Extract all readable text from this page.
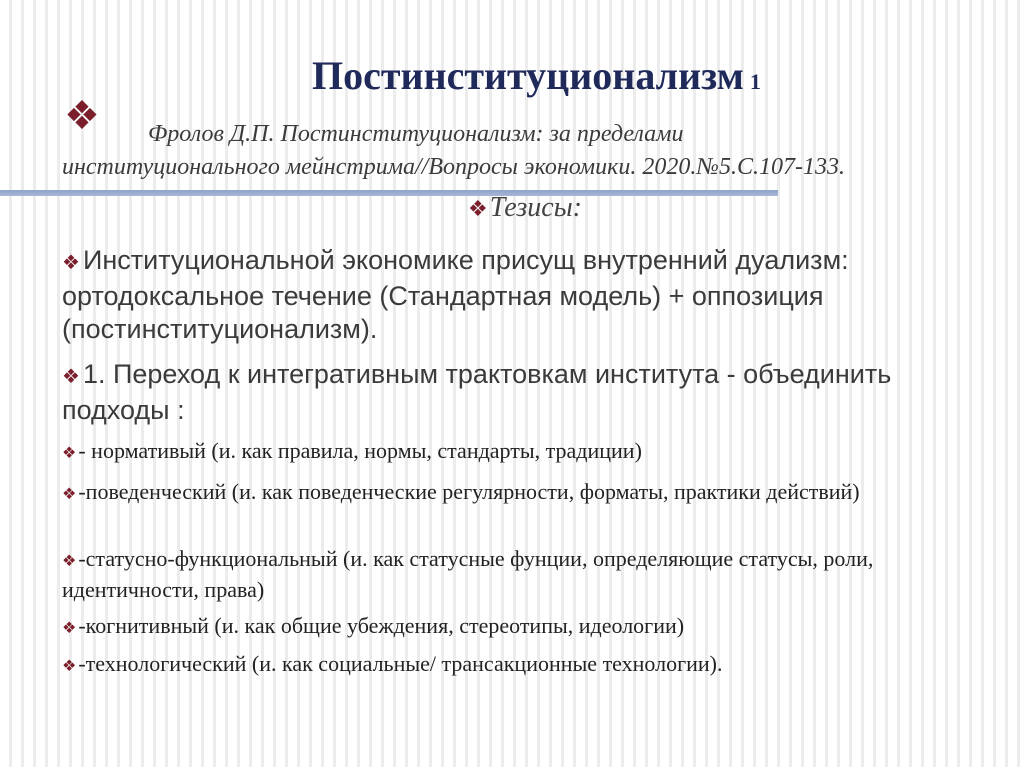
Постинституционализм 1
❖	Фролов Д.П. Постинституционализм: за пределами
институционального мейнстрима//Вопросы экономики. 2020.№5.С.107-133.
❖Тезисы:
❖ Институциональной экономике присущ внутренний дуализм: ортодоксальное течение (Стандартная модель) + оппозиция (постинституционализм).
❖ 1. Переход к интегративным трактовкам института - объединить подходы :
❖- нормативый (и. как правила, нормы, стандарты, традиции)
❖-поведенческий (и. как поведенческие регулярности, форматы, практики действий)
❖-статусно-функциональный (и. как статусные фунции, определяющие статусы, роли, идентичности, права)
❖-когнитивный (и. как общие убеждения, стереотипы, идеологии)
❖-технологический (и. как социальные/ трансакционные технологии).
